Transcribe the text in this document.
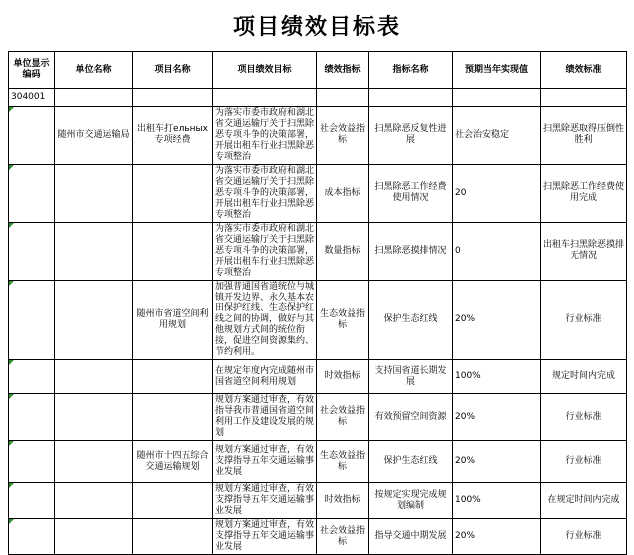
项目绩效目标表
单位显示编码	单位名称	项目名称	项目绩效目标	绩效指标	指标名称	预期当年实现值	绩效标准
304001							
	随州市交通运输局	出租车打ельных专项经费	为落实市委市政府和湖北省交通运输厅关于扫黑除恶专项斗争的决策部署，开展出租车行业扫黑除恶专项整治	社会效益指标	扫黑除恶反复性进展	社会治安稳定	扫黑除恶取得压倒性胜利
			为落实市委市政府和湖北省交通运输厅关于扫黑除恶专项斗争的决策部署，开展出租车行业扫黑除恶专项整治	成本指标	扫黑除恶工作经费使用情况	20	扫黑除恶工作经费使用完成
			为落实市委市政府和湖北省交通运输厅关于扫黑除恶专项斗争的决策部署，开展出租车行业扫黑除恶专项整治	数量指标	扫黑除恶摸排情况	0	出租车扫黑除恶摸排无情况
		随州市省道空间利用规划	加强普通国省道统位与城镇开发边界、永久基本农田保护红线、生态保护红线之间的协调，做好与其他规划方式间的统位衔接，促进空间资源集约、节约利用。	生态效益指标	保护生态红线	20%	行业标准
			在规定年度内完成随州市国省道空间利用规划	时效指标	支持国省道长期发展	100%	规定时间内完成
			规划方案通过审查，有效指导我市普通国省道空间利用工作及建设发展的规划	社会效益指标	有效预留空间资源	20%	行业标准
		随州市十四五综合交通运输规划	规划方案通过审查，有效支撑指导五年交通运输事业发展	生态效益指标	保护生态红线	20%	行业标准
			规划方案通过审查，有效支撑指导五年交通运输事业发展	时效指标	按规定实现完成规划编制	100%	在规定时间内完成
			规划方案通过审查，有效支撑指导五年交通运输事业发展	社会效益指标	指导交通中期发展	20%	行业标准
